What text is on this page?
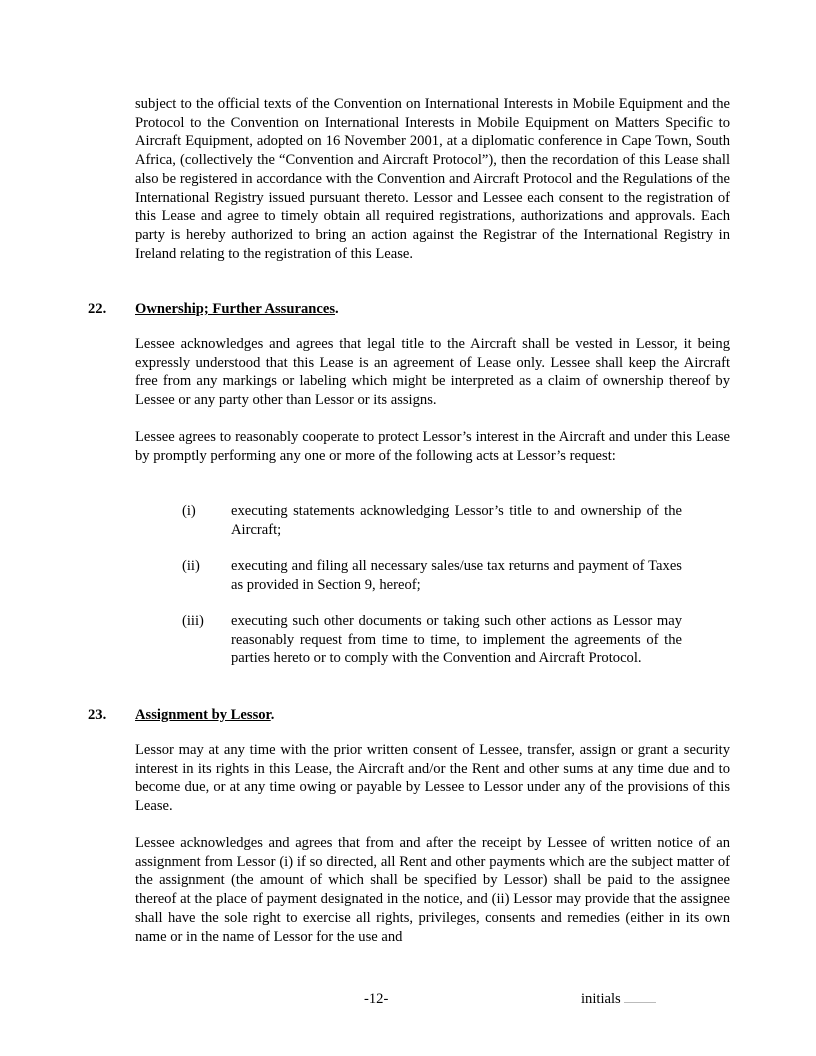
subject to the official texts of the Convention on International Interests in Mobile Equipment and the Protocol to the Convention on International Interests in Mobile Equipment on Matters Specific to Aircraft Equipment, adopted on 16 November 2001, at a diplomatic conference in Cape Town, South Africa, (collectively the “Convention and Aircraft Protocol”), then the recordation of this Lease shall also be registered in accordance with the Convention and Aircraft Protocol and the Regulations of the International Registry issued pursuant thereto. Lessor and Lessee each consent to the registration of this Lease and agree to timely obtain all required registrations, authorizations and approvals. Each party is hereby authorized to bring an action against the Registrar of the International Registry in Ireland relating to the registration of this Lease.
22. Ownership; Further Assurances.
Lessee acknowledges and agrees that legal title to the Aircraft shall be vested in Lessor, it being expressly understood that this Lease is an agreement of Lease only. Lessee shall keep the Aircraft free from any markings or labeling which might be interpreted as a claim of ownership thereof by Lessee or any party other than Lessor or its assigns.
Lessee agrees to reasonably cooperate to protect Lessor’s interest in the Aircraft and under this Lease by promptly performing any one or more of the following acts at Lessor’s request:
(i) executing statements acknowledging Lessor’s title to and ownership of the Aircraft;
(ii) executing and filing all necessary sales/use tax returns and payment of Taxes as provided in Section 9, hereof;
(iii) executing such other documents or taking such other actions as Lessor may reasonably request from time to time, to implement the agreements of the parties hereto or to comply with the Convention and Aircraft Protocol.
23. Assignment by Lessor.
Lessor may at any time with the prior written consent of Lessee, transfer, assign or grant a security interest in its rights in this Lease, the Aircraft and/or the Rent and other sums at any time due and to become due, or at any time owing or payable by Lessee to Lessor under any of the provisions of this Lease.
Lessee acknowledges and agrees that from and after the receipt by Lessee of written notice of an assignment from Lessor (i) if so directed, all Rent and other payments which are the subject matter of the assignment (the amount of which shall be specified by Lessor) shall be paid to the assignee thereof at the place of payment designated in the notice, and (ii) Lessor may provide that the assignee shall have the sole right to exercise all rights, privileges, consents and remedies (either in its own name or in the name of Lessor for the use and
-12-	initials
